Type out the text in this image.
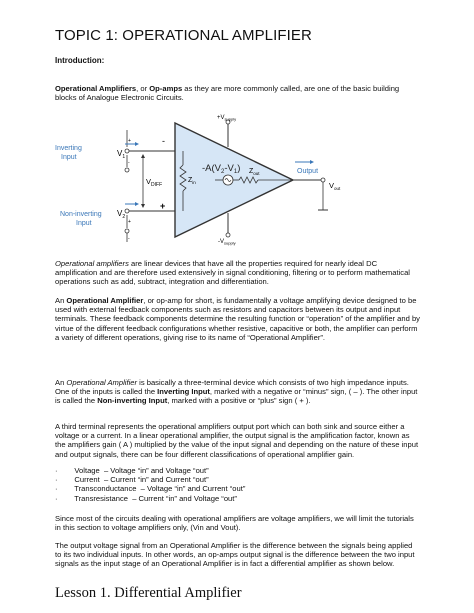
TOPIC 1: OPERATIONAL AMPLIFIER
Introduction:

Operational Amplifiers, or Op-amps as they are more commonly called, are one of the basic building blocks of Analogue Electronic Circuits.

$+V_{supply}$
$-V_{supply}$
-
+
+
-
$V_1$
+
-
$V_2$
$V_{DIFF}$
$Z_{in}$
$-A(V_2-V_1)$ $Z_{out}$	Output
$V_{out}$
Inverting Input
Non-inverting Input

Operational amplifiers are linear devices that have all the properties required for nearly ideal DC amplification and are therefore used extensively in signal conditioning, filtering or to perform mathematical operations such as add, subtract, integration and differentiation.

An Operational Amplifier, or op-amp for short, is fundamentally a voltage amplifying device designed to be used with external feedback components such as resistors and capacitors between its output and input terminals. These feedback components determine the resulting function or “operation” of the amplifier and by virtue of the different feedback configurations whether resistive, capacitive or both, the amplifier can perform a variety of different operations, giving rise to its name of “Operational Amplifier”.

An Operational Amplifier is basically a three-terminal device which consists of two high impedance inputs. One of the inputs is called the Inverting Input, marked with a negative or “minus” sign, ( – ). The other input is called the Non-inverting Input, marked with a positive or “plus” sign ( + ).

A third terminal represents the operational amplifiers output port which can both sink and source either a voltage or a current. In a linear operational amplifier, the output signal is the amplification factor, known as the amplifiers gain ( A ) multiplied by the value of the input signal and depending on the nature of these input and output signals, there can be four different classifications of operational amplifier gain.

·        Voltage  – Voltage “in” and Voltage “out”
·        Current  – Current “in” and Current “out”
·        Transconductance  – Voltage “in” and Current “out”
·        Transresistance  – Current “in” and Voltage “out”

Since most of the circuits dealing with operational amplifiers are voltage amplifiers, we will limit the tutorials in this section to voltage amplifiers only, (Vin and Vout).

The output voltage signal from an Operational Amplifier is the difference between the signals being applied to its two individual inputs. In other words, an op-amps output signal is the difference between the two input signals as the input stage of an Operational Amplifier is in fact a differential amplifier as shown below.

Lesson 1. Differential Amplifier
